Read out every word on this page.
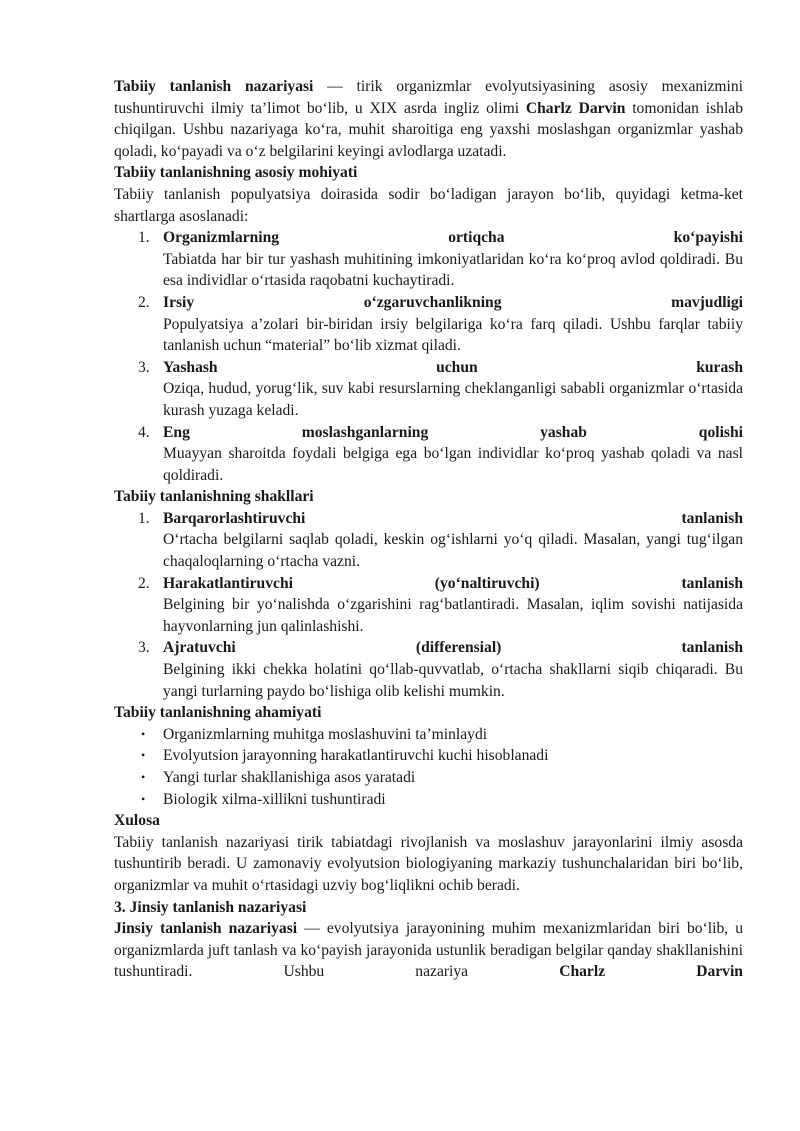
Tabiiy tanlanish nazariyasi — tirik organizmlar evolyutsiyasining asosiy mexanizmini tushuntiruvchi ilmiy ta’limot bo‘lib, u XIX asrda ingliz olimi Charlz Darvin tomonidan ishlab chiqilgan. Ushbu nazariyaga ko‘ra, muhit sharoitiga eng yaxshi moslashgan organizmlar yashab qoladi, ko‘payadi va o‘z belgilarini keyingi avlodlarga uzatadi.

Tabiiy tanlanishning asosiy mohiyati

Tabiiy tanlanish populyatsiya doirasida sodir bo‘ladigan jarayon bo‘lib, quyidagi ketma-ket shartlarga asoslanadi:

1. Organizmlarning ortiqcha ko‘payishi
Tabiatda har bir tur yashash muhitining imkoniyatlaridan ko‘ra ko‘proq avlod qoldiradi. Bu esa individlar o‘rtasida raqobatni kuchaytiradi.
2. Irsiy o‘zgaruvchanlikning mavjudligi
Populyatsiya a’zolari bir-biridan irsiy belgilariga ko‘ra farq qiladi. Ushbu farqlar tabiiy tanlanish uchun “material” bo‘lib xizmat qiladi.
3. Yashash uchun kurash
Oziqa, hudud, yorug‘lik, suv kabi resurslarning cheklanganligi sababli organizmlar o‘rtasida kurash yuzaga keladi.
4. Eng moslashganlarning yashab qolishi
Muayyan sharoitda foydali belgiga ega bo‘lgan individlar ko‘proq yashab qoladi va nasl qoldiradi.
Tabiiy tanlanishning shakllari
1. Barqarorlashtiruvchi tanlanish
O‘rtacha belgilarni saqlab qoladi, keskin og‘ishlarni yo‘q qiladi. Masalan, yangi tug‘ilgan chaqaloqlarning o‘rtacha vazni.
2. Harakatlantiruvchi (yo‘naltiruvchi) tanlanish
Belgining bir yo‘nalishda o‘zgarishini rag‘batlantiradi. Masalan, iqlim sovishi natijasida hayvonlarning jun qalinlashishi.
3. Ajratuvchi (differensial) tanlanish
Belgining ikki chekka holatini qo‘llab-quvvatlab, o‘rtacha shakllarni siqib chiqaradi. Bu yangi turlarning paydo bo‘lishiga olib kelishi mumkin.
Tabiiy tanlanishning ahamiyati
• Organizmlarning muhitga moslashuvini ta’minlaydi
• Evolyutsion jarayonning harakatlantiruvchi kuchi hisoblanadi
• Yangi turlar shakllanishiga asos yaratadi
• Biologik xilma-xillikni tushuntiradi
Xulosa

Tabiiy tanlanish nazariyasi tirik tabiatdagi rivojlanish va moslashuv jarayonlarini ilmiy asosda tushuntirib beradi. U zamonaviy evolyutsion biologiyaning markaziy tushunchalaridan biri bo‘lib, organizmlar va muhit o‘rtasidagi uzviy bog‘liqlikni ochib beradi.

3. Jinsiy tanlanish nazariyasi

Jinsiy tanlanish nazariyasi — evolyutsiya jarayonining muhim mexanizmlaridan biri bo‘lib, u organizmlarda juft tanlash va ko‘payish jarayonida ustunlik beradigan belgilar qanday shakllanishini tushuntiradi. Ushbu nazariya Charlz Darvin
